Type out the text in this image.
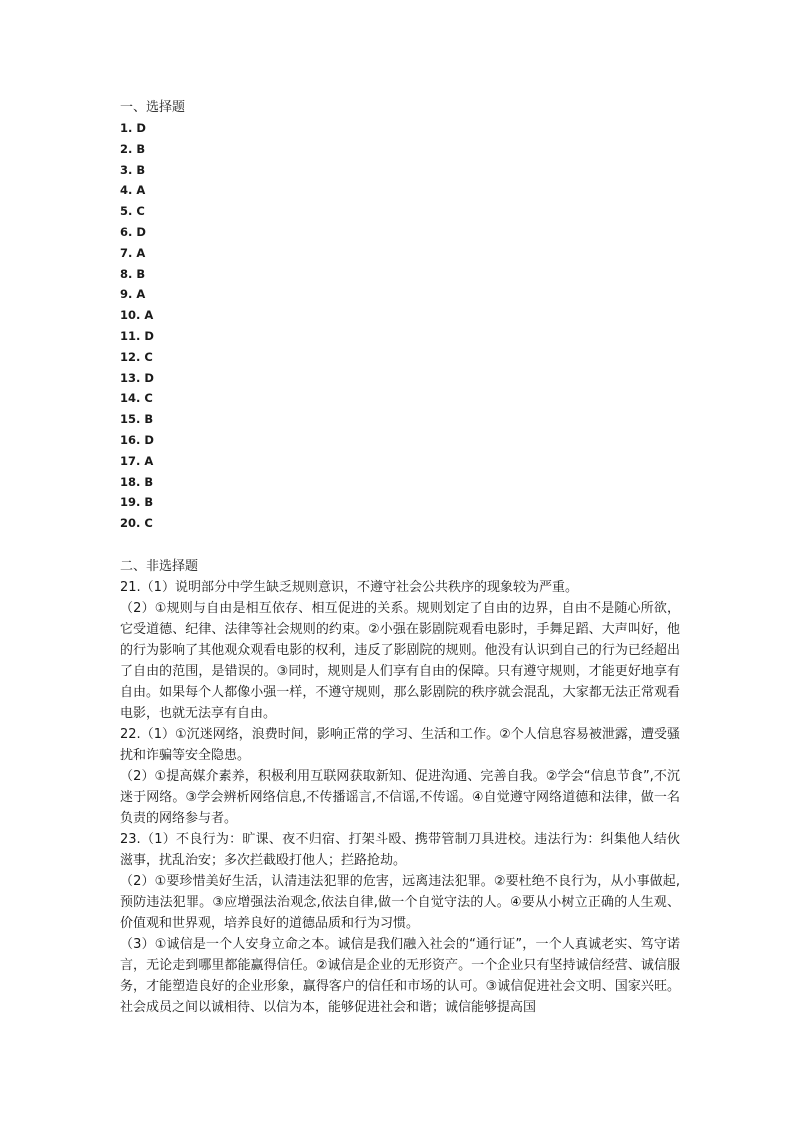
一、选择题
1. D
2. B
3. B
4. A
5. C
6. D
7. A
8. B
9. A
10. A
11. D
12. C
13. D
14. C
15. B
16. D
17. A
18. B
19. B
20. C
二、非选择题
21.（1）说明部分中学生缺乏规则意识，不遵守社会公共秩序的现象较为严重。
（2）①规则与自由是相互依存、相互促进的关系。规则划定了自由的边界，自由不是随心所欲，它受道德、纪律、法律等社会规则的约束。②小强在影剧院观看电影时，手舞足蹈、大声叫好，他的行为影响了其他观众观看电影的权利，违反了影剧院的规则。他没有认识到自己的行为已经超出了自由的范围，是错误的。③同时，规则是人们享有自由的保障。只有遵守规则，才能更好地享有自由。如果每个人都像小强一样，不遵守规则，那么影剧院的秩序就会混乱，大家都无法正常观看电影，也就无法享有自由。
22.（1）①沉迷网络，浪费时间，影响正常的学习、生活和工作。②个人信息容易被泄露，遭受骚扰和诈骗等安全隐患。
（2）①提高媒介素养，积极利用互联网获取新知、促进沟通、完善自我。②学会“信息节食”,不沉迷于网络。③学会辨析网络信息,不传播谣言,不信谣,不传谣。④自觉遵守网络道德和法律，做一名负责的网络参与者。
23.（1）不良行为：旷课、夜不归宿、打架斗殴、携带管制刀具进校。违法行为：纠集他人结伙滋事，扰乱治安；多次拦截殴打他人；拦路抢劫。
（2）①要珍惜美好生活，认清违法犯罪的危害，远离违法犯罪。②要杜绝不良行为，从小事做起,预防违法犯罪。③应增强法治观念,依法自律,做一个自觉守法的人。④要从小树立正确的人生观、价值观和世界观，培养良好的道德品质和行为习惯。
（3）①诚信是一个人安身立命之本。诚信是我们融入社会的“通行证”，一个人真诚老实、笃守诺言，无论走到哪里都能赢得信任。②诚信是企业的无形资产。一个企业只有坚持诚信经营、诚信服务，才能塑造良好的企业形象，赢得客户的信任和市场的认可。③诚信促进社会文明、国家兴旺。社会成员之间以诚相待、以信为本，能够促进社会和谐；诚信能够提高国
